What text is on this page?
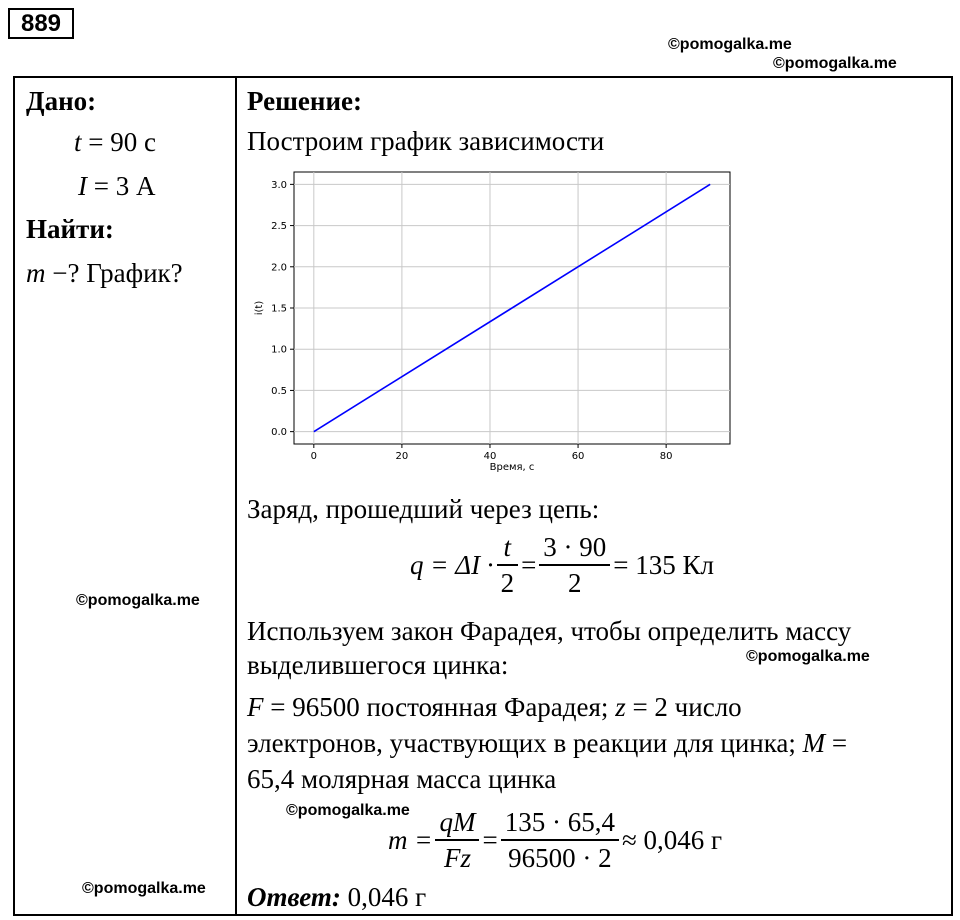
©pomogalka.me
©pomogalka.me
©pomogalka.me
©pomogalka.me
©pomogalka.me
©pomogalka.me
889
Дано:
t = 90 с
I = 3 А
Найти:
m −? График?
Решение:
Построим график зависимости
0	20	40	60	80
0.0
0.5
1.0
1.5
2.0
2.5
3.0
Время, с
i(t)
Заряд, прошедший через цепь:
$q = \Delta I \cdot \frac{t}{2} = \frac{3 \cdot 90}{2} = 135$ Кл
Используем закон Фарадея, чтобы определить массу
выделившегося цинка:
F = 96500 постоянная Фарадея; z = 2 число
электронов, участвующих в реакции для цинка; M =
65,4 молярная масса цинка
$m = \frac{qM}{Fz} = \frac{135 \cdot 65,4}{96500 \cdot 2} \approx 0,046$ г
Ответ: 0,046 г
